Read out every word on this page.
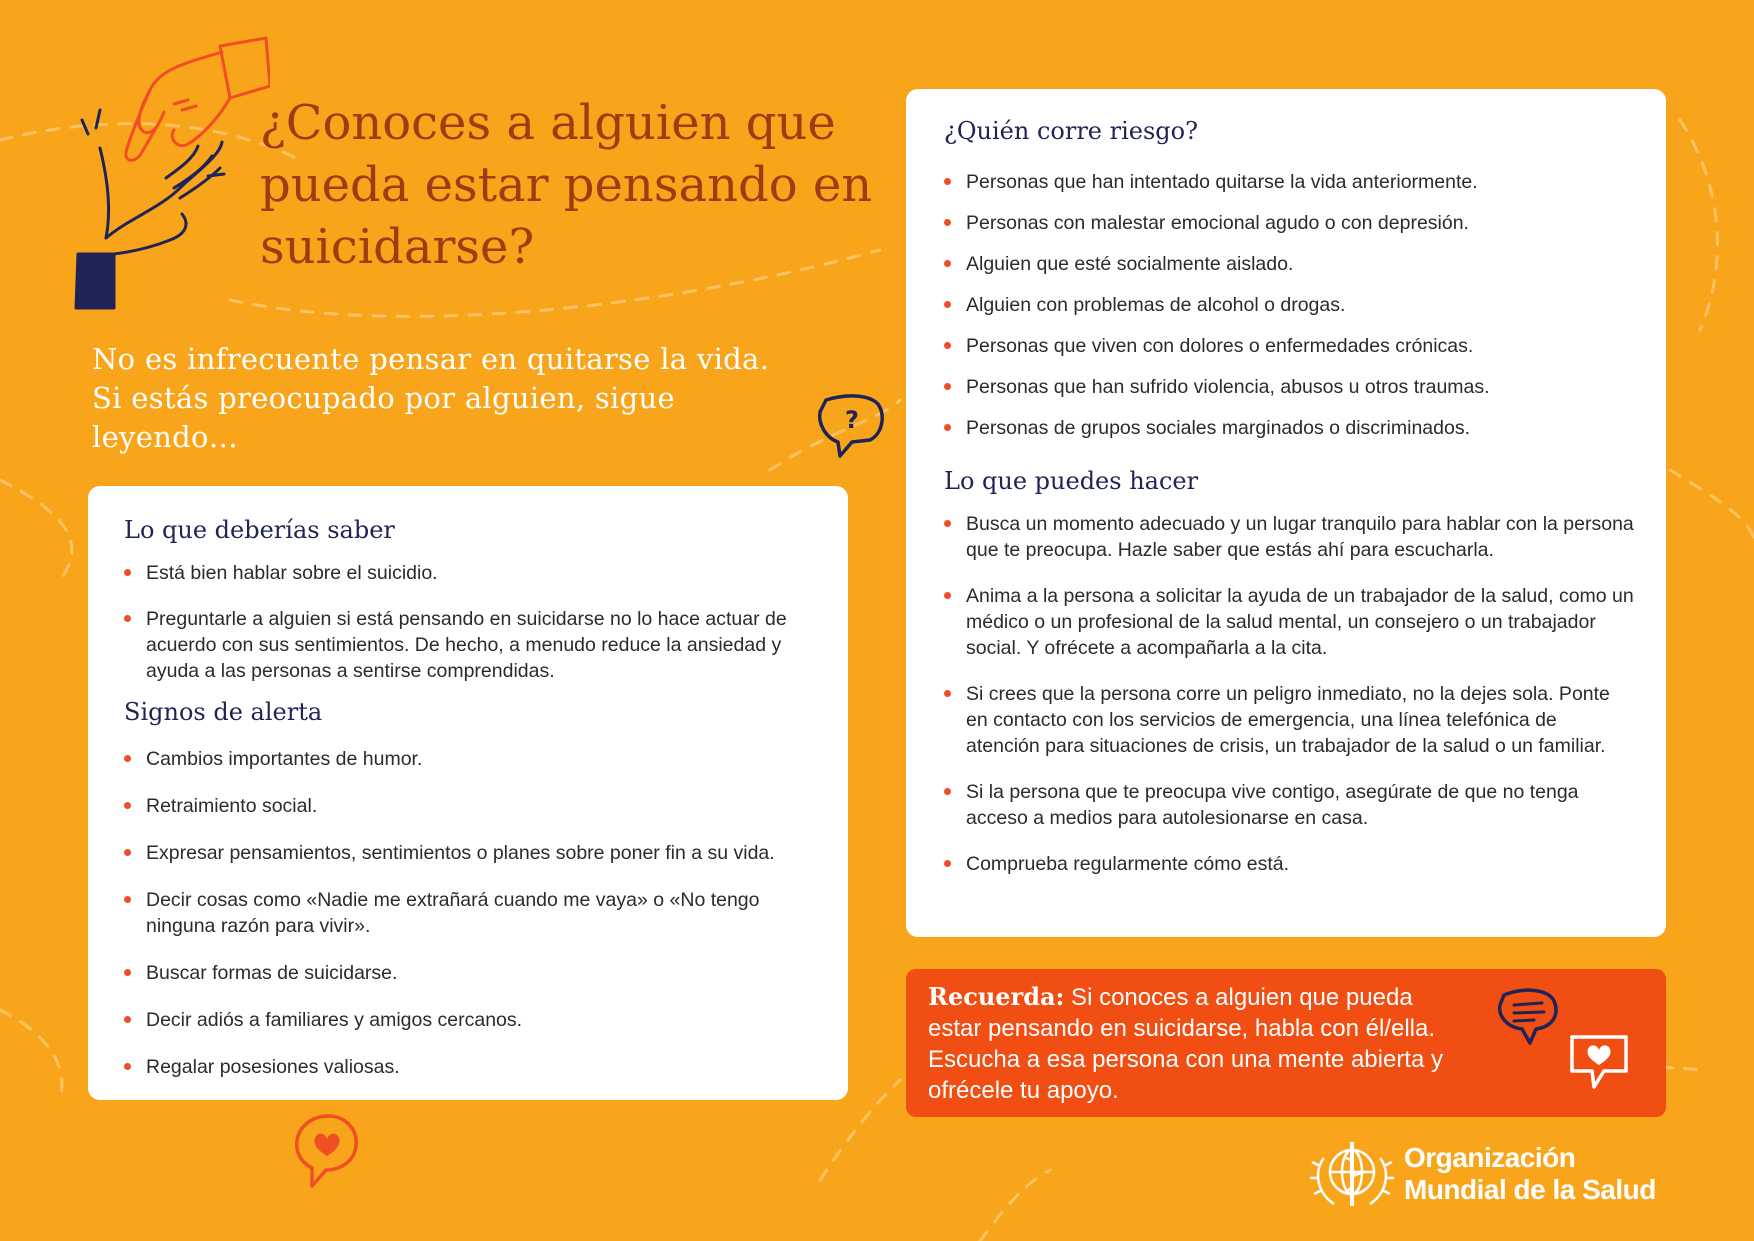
¿Conoces a alguien que pueda estar pensando en suicidarse?

No es infrecuente pensar en quitarse la vida. Si estás preocupado por alguien, sigue leyendo…	?
Lo que deberías saber
Está bien hablar sobre el suicidio.
Preguntarle a alguien si está pensando en suicidarse no lo hace actuar de acuerdo con sus sentimientos. De hecho, a menudo reduce la ansiedad y ayuda a las personas a sentirse comprendidas.
Signos de alerta
Cambios importantes de humor.
Retraimiento social.
Expresar pensamientos, sentimientos o planes sobre poner fin a su vida.
Decir cosas como «Nadie me extrañará cuando me vaya» o «No tengo ninguna razón para vivir».
Buscar formas de suicidarse.
Decir adiós a familiares y amigos cercanos.
Regalar posesiones valiosas.
¿Quién corre riesgo?
Personas que han intentado quitarse la vida anteriormente.
Personas con malestar emocional agudo o con depresión.
Alguien que esté socialmente aislado.
Alguien con problemas de alcohol o drogas.
Personas que viven con dolores o enfermedades crónicas.
Personas que han sufrido violencia, abusos u otros traumas.
Personas de grupos sociales marginados o discriminados.
Lo que puedes hacer
Busca un momento adecuado y un lugar tranquilo para hablar con la persona que te preocupa. Hazle saber que estás ahí para escucharla.
Anima a la persona a solicitar la ayuda de un trabajador de la salud, como un médico o un profesional de la salud mental, un consejero o un trabajador social. Y ofrécete a acompañarla a la cita.
Si crees que la persona corre un peligro inmediato, no la dejes sola. Ponte en contacto con los servicios de emergencia, una línea telefónica de atención para situaciones de crisis, un trabajador de la salud o un familiar.
Si la persona que te preocupa vive contigo, asegúrate de que no tenga acceso a medios para autolesionarse en casa.
Comprueba regularmente cómo está.

Recuerda: Si conoces a alguien que pueda estar pensando en suicidarse, habla con él/ella. Escucha a esa persona con una mente abierta y ofrécele tu apoyo.

Organización
Mundial de la Salud
